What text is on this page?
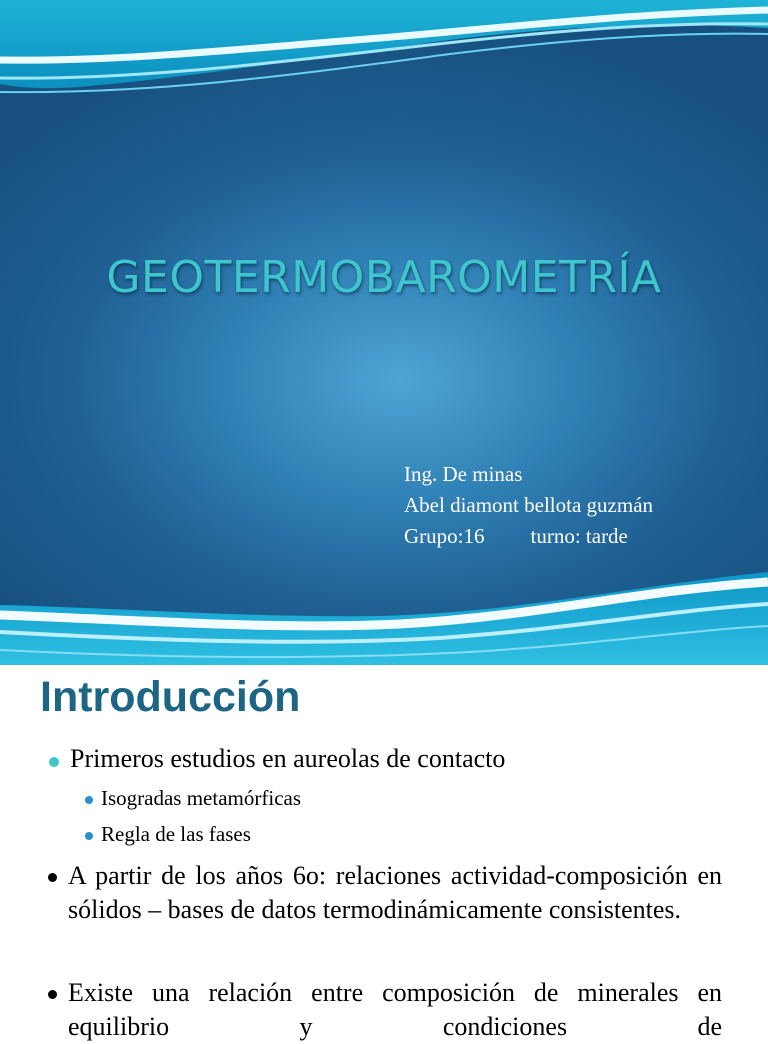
GEOTERMOBAROMETRÍA
Ing. De minas
Abel diamont bellota guzmán
Grupo:16 turno: tarde
Introducción

Primeros estudios en aureolas de contacto

Isogradas metamórficas

Regla de las fases

A partir de los años 6o: relaciones actividad-composición en sólidos – bases de datos termodinámicamente consistentes.

Existe una relación entre composición de minerales en equilibrio y condiciones de
